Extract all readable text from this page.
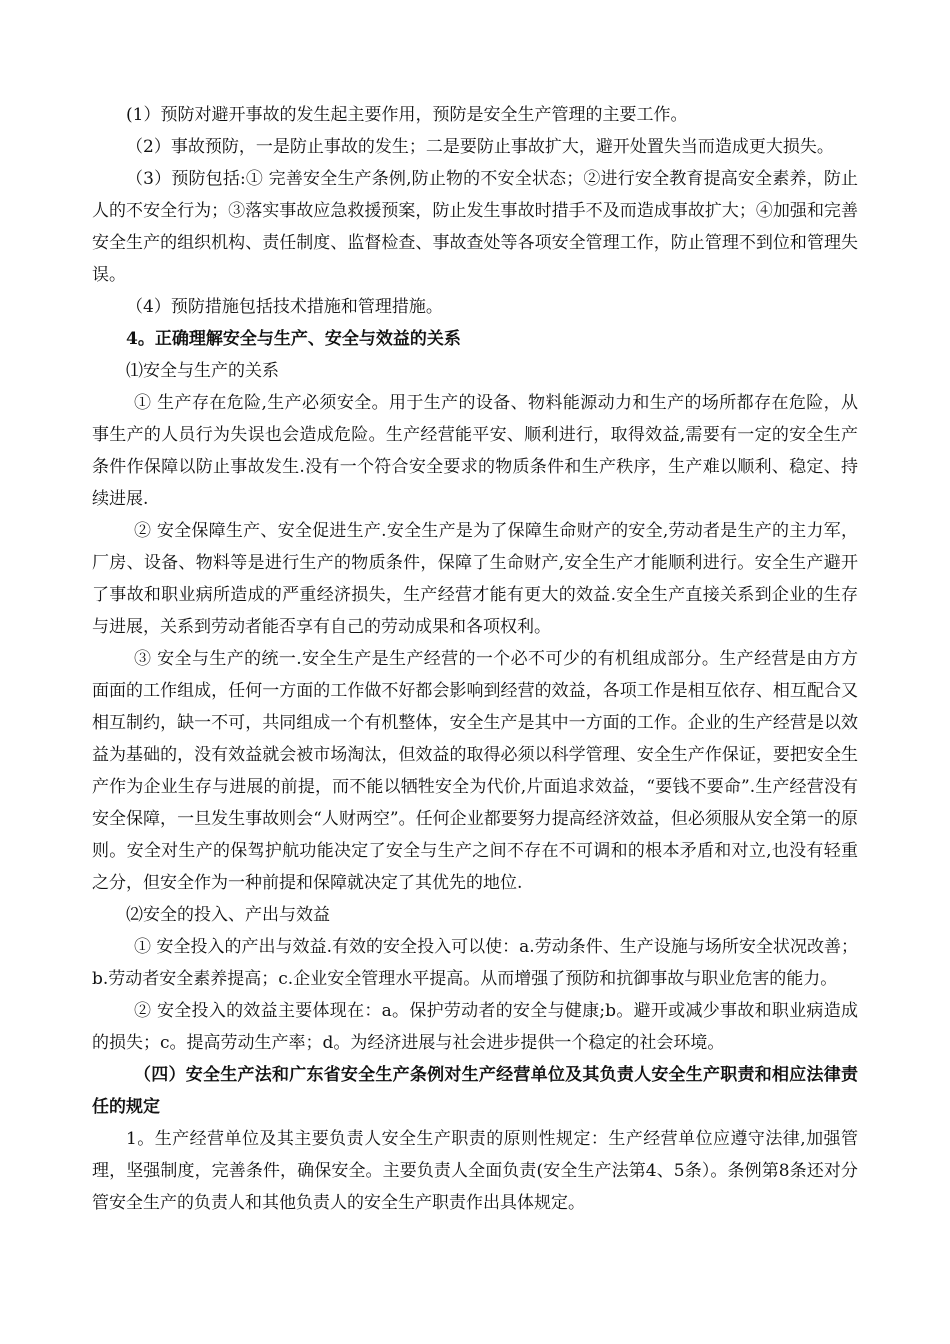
(1）预防对避开事故的发生起主要作用，预防是安全生产管理的主要工作。

（2）事故预防，一是防止事故的发生；二是要防止事故扩大，避开处置失当而造成更大损失。

（3）预防包括:① 完善安全生产条例,防止物的不安全状态；②进行安全教育提高安全素养，防止人的不安全行为；③落实事故应急救援预案，防止发生事故时措手不及而造成事故扩大；④加强和完善安全生产的组织机构、责任制度、监督检查、事故查处等各项安全管理工作，防止管理不到位和管理失误。

（4）预防措施包括技术措施和管理措施。

4。正确理解安全与生产、安全与效益的关系

⑴安全与生产的关系

① 生产存在危险,生产必须安全。用于生产的设备、物料能源动力和生产的场所都存在危险，从事生产的人员行为失误也会造成危险。生产经营能平安、顺利进行，取得效益,需要有一定的安全生产条件作保障以防止事故发生.没有一个符合安全要求的物质条件和生产秩序，生产难以顺利、稳定、持续进展.

② 安全保障生产、安全促进生产.安全生产是为了保障生命财产的安全,劳动者是生产的主力军，厂房、设备、物料等是进行生产的物质条件，保障了生命财产,安全生产才能顺利进行。安全生产避开了事故和职业病所造成的严重经济损失，生产经营才能有更大的效益.安全生产直接关系到企业的生存与进展，关系到劳动者能否享有自己的劳动成果和各项权利。

③ 安全与生产的统一.安全生产是生产经营的一个必不可少的有机组成部分。生产经营是由方方面面的工作组成，任何一方面的工作做不好都会影响到经营的效益，各项工作是相互依存、相互配合又相互制约，缺一不可，共同组成一个有机整体，安全生产是其中一方面的工作。企业的生产经营是以效益为基础的，没有效益就会被市场淘汰，但效益的取得必须以科学管理、安全生产作保证，要把安全生产作为企业生存与进展的前提，而不能以牺牲安全为代价,片面追求效益，“要钱不要命”.生产经营没有安全保障，一旦发生事故则会“人财两空”。任何企业都要努力提高经济效益，但必须服从安全第一的原则。安全对生产的保驾护航功能决定了安全与生产之间不存在不可调和的根本矛盾和对立,也没有轻重之分，但安全作为一种前提和保障就决定了其优先的地位.

⑵安全的投入、产出与效益

① 安全投入的产出与效益.有效的安全投入可以使：a.劳动条件、生产设施与场所安全状况改善；b.劳动者安全素养提高；c.企业安全管理水平提高。从而增强了预防和抗御事故与职业危害的能力。

② 安全投入的效益主要体现在：a。保护劳动者的安全与健康;b。避开或减少事故和职业病造成的损失；c。提高劳动生产率；d。为经济进展与社会进步提供一个稳定的社会环境。

（四）安全生产法和广东省安全生产条例对生产经营单位及其负责人安全生产职责和相应法律责任的规定

1。生产经营单位及其主要负责人安全生产职责的原则性规定：生产经营单位应遵守法律,加强管理，坚强制度，完善条件，确保安全。主要负责人全面负责(安全生产法第4、5条）。条例第8条还对分管安全生产的负责人和其他负责人的安全生产职责作出具体规定。
